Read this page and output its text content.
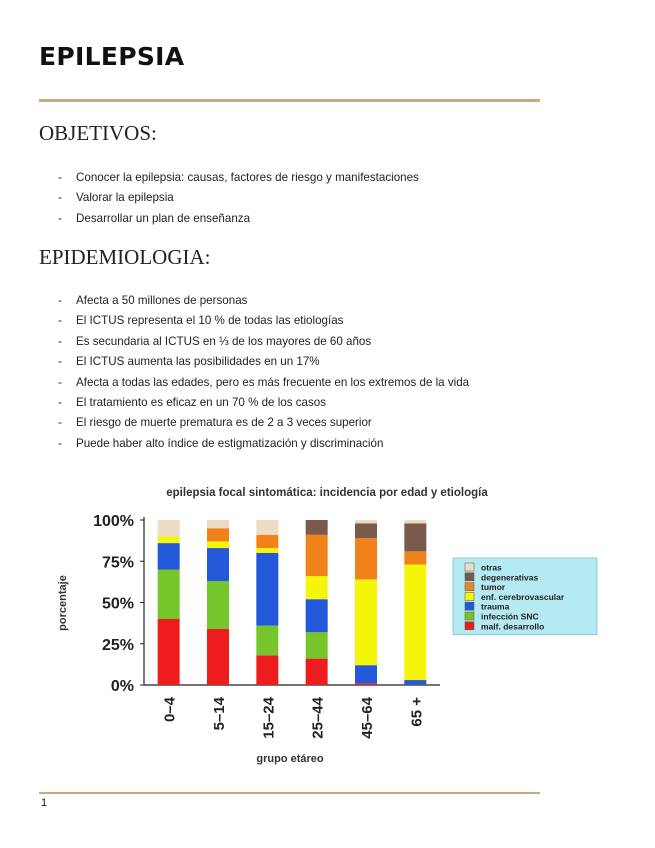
EPILEPSIA
OBJETIVOS:
- Conocer la epilepsia: causas, factores de riesgo y manifestaciones
- Valorar la epilepsia
- Desarrollar un plan de enseñanza
EPIDEMIOLOGIA:
- Afecta a 50 millones de personas
- El ICTUS representa el 10 % de todas las etiologías
- Es secundaria al ICTUS en ⅓ de los mayores de 60 años
- El ICTUS aumenta las posibilidades en un 17%
- Afecta a todas las edades, pero es más frecuente en los extremos de la vida
- El tratamiento es eficaz en un 70 % de los casos
- El riesgo de muerte prematura es de 2 a 3 veces superior
- Puede haber alto índice de estigmatización y discriminación
epilepsia focal sintomática: incidencia por edad y etiología
porcentaje
grupo etáreo
0%
25%
50%
75%
100%
0–4 5–14 15–24 25–44 45–64 65 +
otras
degenerativas
tumor
enf. cerebrovascular
trauma
infección SNC
malf. desarrollo
1
